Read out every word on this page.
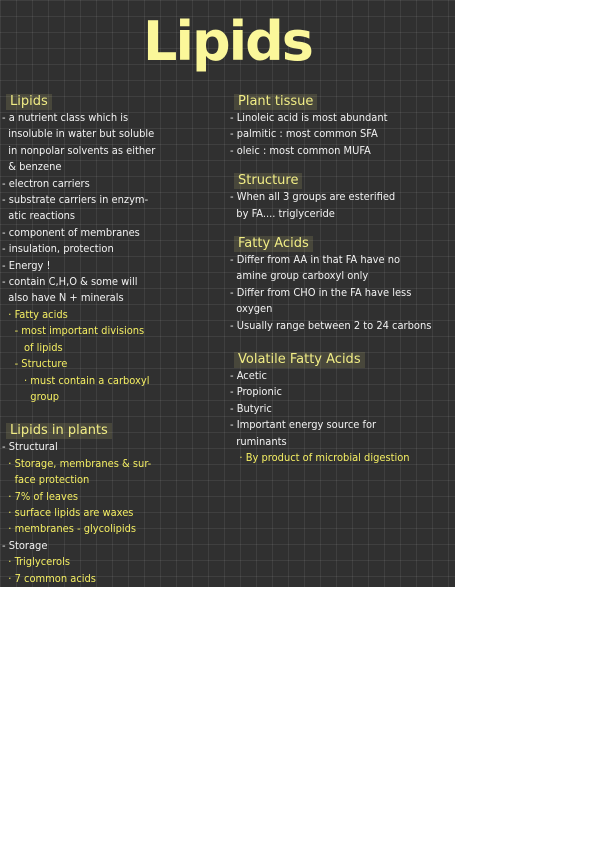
Lipids
Lipids
- a nutrient class which is
insoluble in water but soluble
in nonpolar solvents as either
& benzene
- electron carriers
- substrate carriers in enzym-
atic reactions
- component of membranes
- insulation, protection
- Energy !
- contain C,H,O & some will
also have N + minerals
· Fatty acids
- most important divisions
of lipids
- Structure
· must contain a carboxyl
group
Lipids in plants
- Structural
· Storage, membranes & sur-
face protection
· 7% of leaves
· surface lipids are waxes
· membranes - glycolipids
- Storage
· Triglycerols
· 7 common acids
Plant tissue
- Linoleic acid is most abundant
- palmitic : most common SFA
- oleic : most common MUFA
Structure
- When all 3 groups are esterified
by FA.... triglyceride
Fatty Acids
- Differ from AA in that FA have no
amine group carboxyl only
- Differ from CHO in the FA have less
oxygen
- Usually range between 2 to 24 carbons
Volatile Fatty Acids
- Acetic
- Propionic
- Butyric
- Important energy source for
ruminants
· By product of microbial digestion
